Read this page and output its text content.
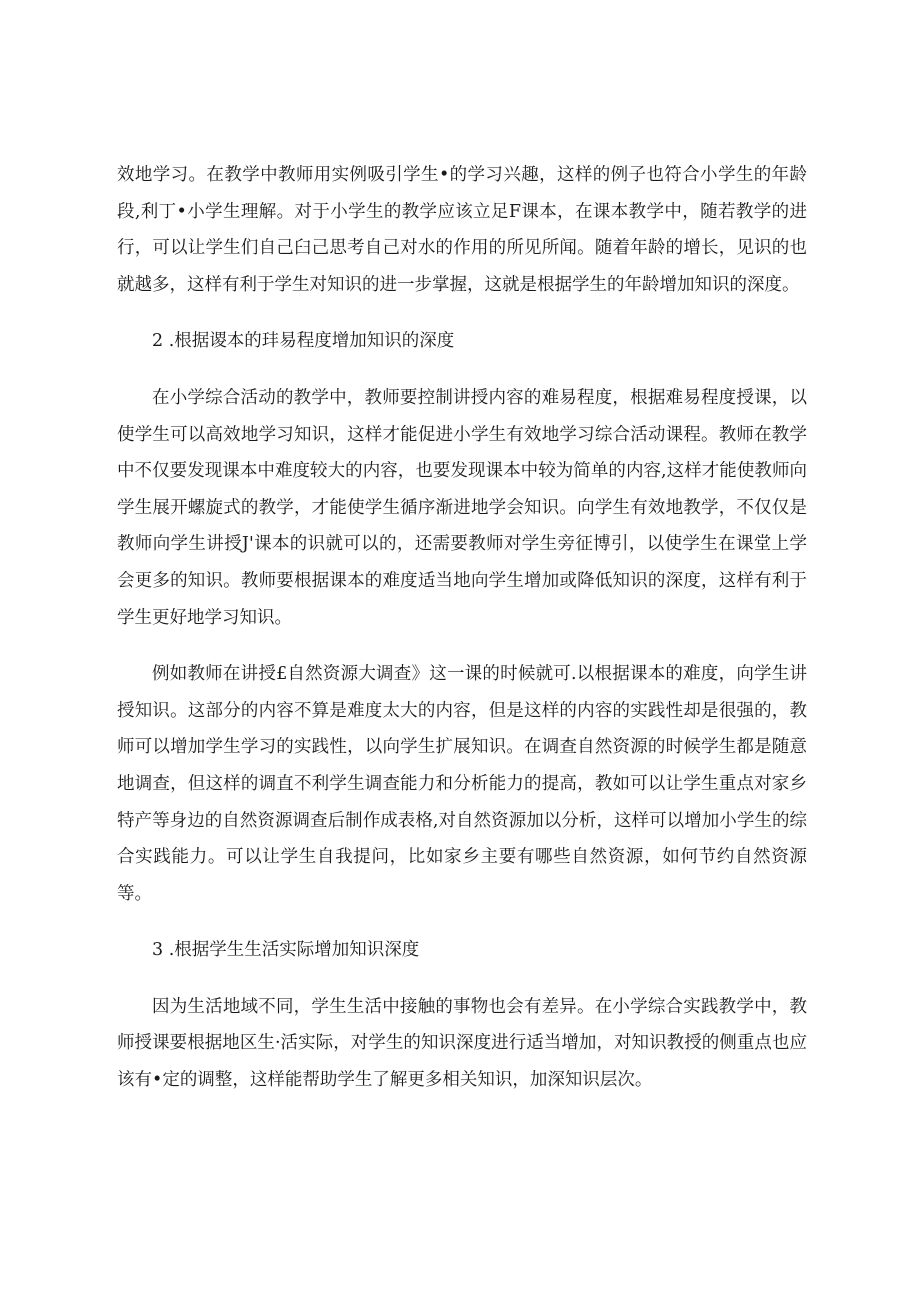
效地学习。在教学中教师用实例吸引学生•的学习兴趣，这样的例子也符合小学生的年龄段,利丁•小学生理解。对于小学生的教学应该立足F课本，在课本教学中，随若教学的进行，可以让学生们自己臼己思考自己对水的作用的所见所闻。随着年龄的增长，见识的也就越多，这样有利于学生对知识的进一步掌握，这就是根据学生的年龄增加知识的深度。

2 .根据谡本的玤易程度增加知识的深度

在小学综合活动的教学中，教师要控制讲授内容的难易程度，根据难易程度授课，以使学生可以高效地学习知识，这样才能促进小学生有效地学习综合活动课程。教师在教学中不仅要发现课本中难度较大的内容，也要发现课本中较为简单的内容,这样才能使教师向学生展开螺旋式的教学，才能使学生循序渐进地学会知识。向学生有效地教学，不仅仅是教师向学生讲授J'课本的识就可以的，还需要教师对学生旁征博引，以使学生在课堂上学会更多的知识。教师要根据课本的难度适当地向学生增加或降低知识的深度，这样有利于学生更好地学习知识。

例如教师在讲授£自然资源大调查》这一课的时候就可.以根据课本的难度，向学生讲授知识。这部分的内容不算是难度太大的内容，但是这样的内容的实践性却是很强的，教师可以增加学生学习的实践性，以向学生扩展知识。在调查自然资源的时候学生都是随意地调查，但这样的调直不利学生调查能力和分析能力的提高，教如可以让学生重点对家乡特产等身边的自然资源调查后制作成表格,对自然资源加以分析，这样可以增加小学生的综合实践能力。可以让学生自我提问，比如家乡主要有哪些自然资源，如何节约自然资源等。

3 .根据学生生活实际增加知识深度

因为生活地域不同，学生生活中接触的事物也会有差异。在小学综合实践教学中，教师授课要根据地区生·活实际，对学生的知识深度进行适当增加，对知识教授的侧重点也应该有•定的调整，这样能帮助学生了解更多相关知识，加深知识层次。
